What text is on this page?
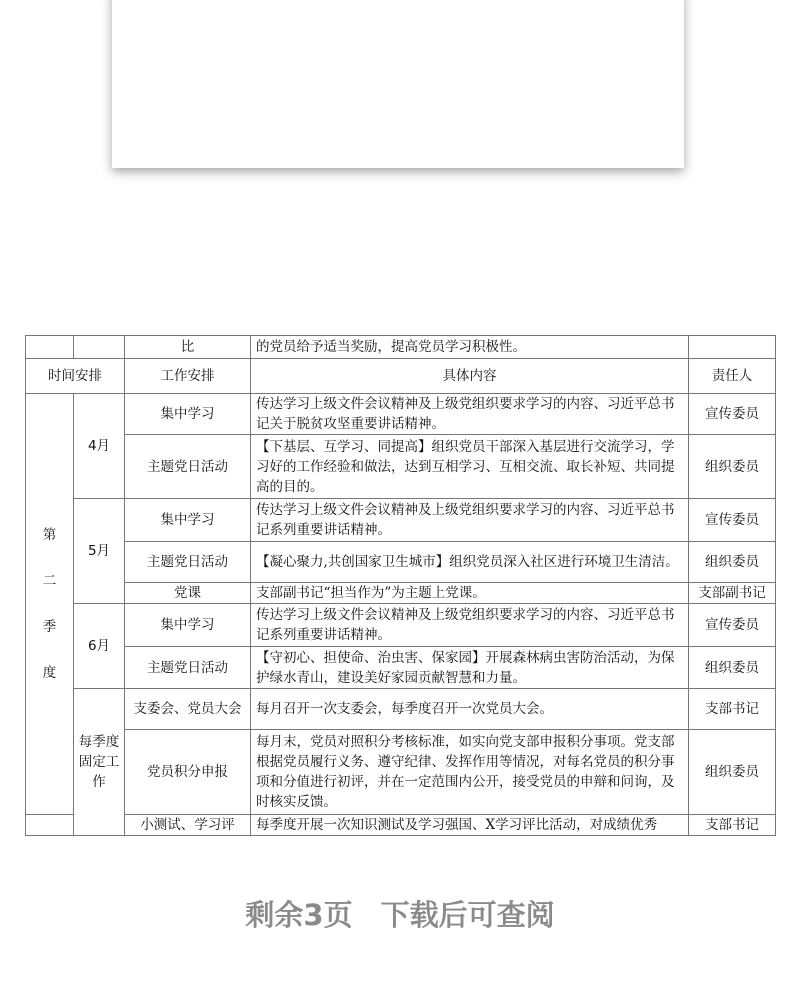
		比	的党员给予适当奖励，提高党员学习积极性。	
时间安排		工作安排	具体内容	责任人
第
二
季
度	4月	集中学习	传达学习上级文件会议精神及上级党组织要求学习的内容、习近平总书记关于脱贫攻坚重要讲话精神。	宣传委员
		主题党日活动	【下基层、互学习、同提高】组织党员干部深入基层进行交流学习，学习好的工作经验和做法，达到互相学习、互相交流、取长补短、共同提高的目的。	组织委员
	5月	集中学习	传达学习上级文件会议精神及上级党组织要求学习的内容、习近平总书记系列重要讲话精神。	宣传委员
		主题党日活动	【凝心聚力,共创国家卫生城市】组织党员深入社区进行环境卫生清洁。	组织委员
		党课	支部副书记“担当作为”为主题上党课。	支部副书记
	6月	集中学习	传达学习上级文件会议精神及上级党组织要求学习的内容、习近平总书记系列重要讲话精神。	宣传委员
		主题党日活动	【守初心、担使命、治虫害、保家园】开展森林病虫害防治活动，为保护绿水青山，建设美好家园贡献智慧和力量。	组织委员
	每季度固定工作	支委会、党员大会	每月召开一次支委会，每季度召开一次党员大会。	支部书记
		党员积分申报	每月末，党员对照积分考核标准，如实向党支部申报积分事项。党支部根据党员履行义务、遵守纪律、发挥作用等情况，对每名党员的积分事项和分值进行初评，并在一定范围内公开，接受党员的申辩和问询，及时核实反馈。	组织委员
		小测试、学习评	每季度开展一次知识测试及学习强国、X学习评比活动，对成绩优秀	支部书记
剩余3页 下载后可查阅
